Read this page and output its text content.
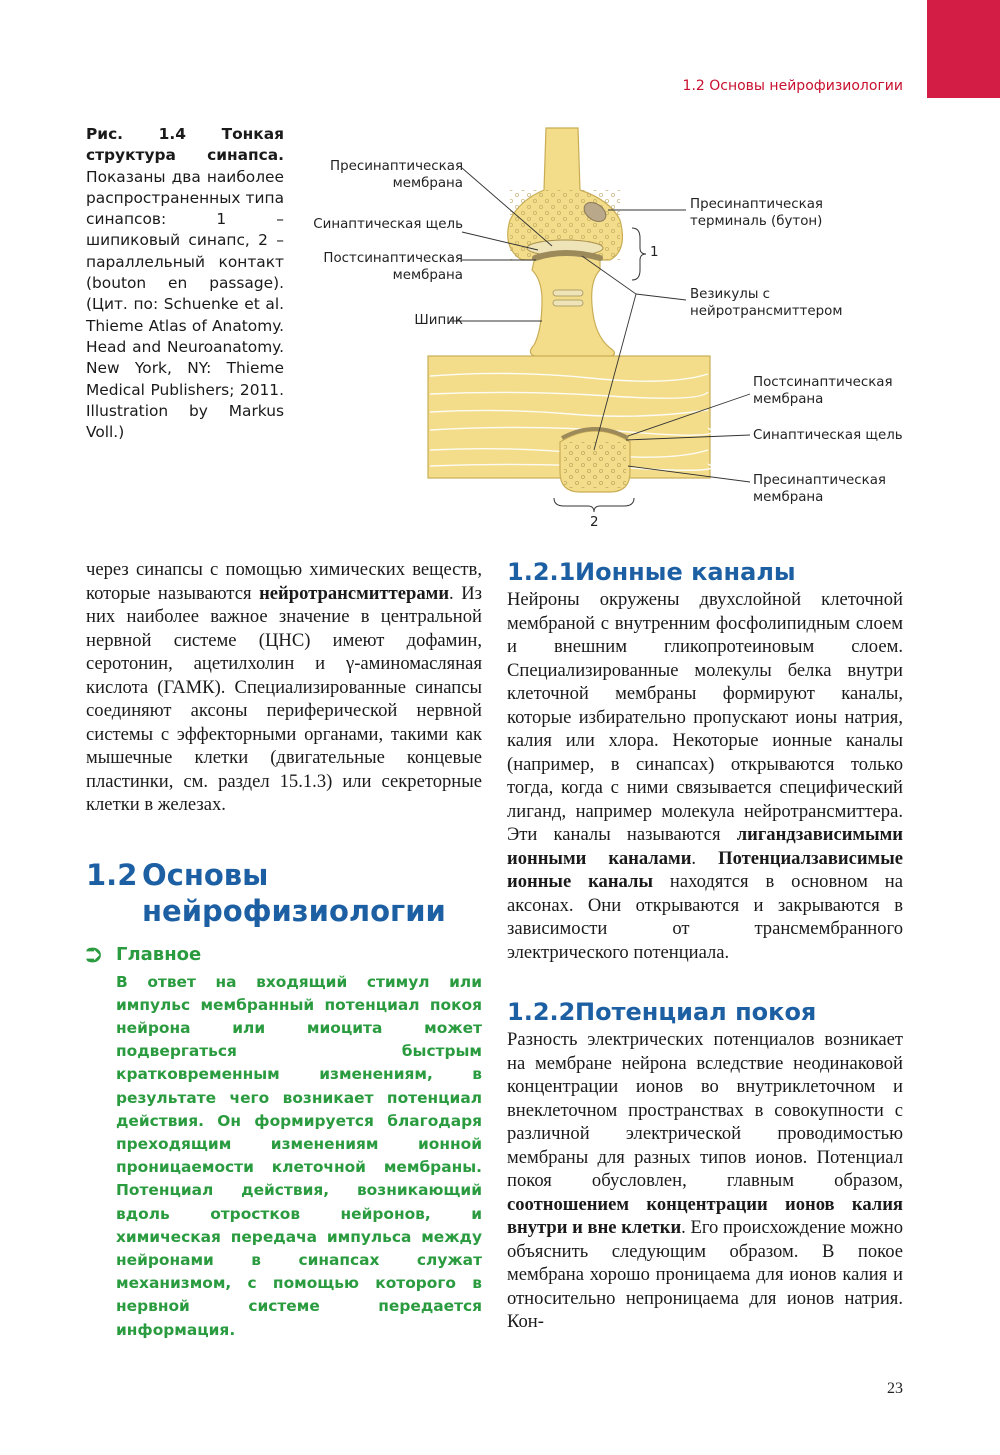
1.2 Основы нейрофизиологии
Рис. 1.4 Тонкая структура синапса. Показаны два наиболее распространенных типа синапсов: 1 – шипиковый синапс, 2 – параллельный контакт (bouton en passage). (Цит. по: Schuenke et al. Thieme Atlas of Anatomy. Head and Neuroanatomy. New York, NY: Thieme Medical Publishers; 2011. Illustration by Markus Voll.)
Пресинаптическая мембрана
Синаптическая щель
Постсинаптическая мембрана
Шипик
Пресинаптическая терминаль (бутон)
1
Везикулы с нейротрансмиттером
Постсинаптическая мембрана
Синаптическая щель
Пресинаптическая мембрана
2

через синапсы с помощью химических веществ, которые называются нейротрансмиттерами. Из них наиболее важное значение в центральной нервной системе (ЦНС) имеют дофамин, серотонин, ацетилхолин и γ-аминомасляная кислота (ГАМК). Специализированные синапсы соединяют аксоны периферической нервной системы с эффекторными органами, такими как мышечные клетки (двигательные концевые пластинки, см. раздел 15.1.3) или секреторные клетки в железах.

1.2 Основы
нейрофизиологии
⮊ Главное

В ответ на входящий стимул или импульс мембранный потенциал покоя нейрона или миоцита может подвергаться быстрым кратковременным изменениям, в результате чего возникает потенциал действия. Он формируется благодаря преходящим изменениям ионной проницаемости клеточной мембраны. Потенциал действия, возникающий вдоль отростков нейронов, и химическая передача импульса между нейронами в синапсах служат механизмом, с помощью которого в нервной системе передается информация.

1.2.1 Ионные каналы

Нейроны окружены двухслойной клеточной мембраной с внутренним фосфолипидным слоем и внешним гликопротеиновым слоем. Специализированные молекулы белка внутри клеточной мембраны формируют каналы, которые избирательно пропускают ионы натрия, калия или хлора. Некоторые ионные каналы (например, в синапсах) открываются только тогда, когда с ними связывается специфический лиганд, например молекула нейротрансмиттера. Эти каналы называются лигандзависимыми ионными каналами. Потенциалзависимые ионные каналы находятся в основном на аксонах. Они открываются и закрываются в зависимости от трансмембранного электрического потенциала.

1.2.2 Потенциал покоя

Разность электрических потенциалов возникает на мембране нейрона вследствие неодинаковой концентрации ионов во внутриклеточном и внеклеточном пространствах в совокупности с различной электрической проводимостью мембраны для разных типов ионов. Потенциал покоя обусловлен, главным образом, соотношением концентрации ионов калия внутри и вне клетки. Его происхождение можно объяснить следующим образом. В покое мембрана хорошо проницаема для ионов калия и относительно непроницаема для ионов натрия. Кон-

23
